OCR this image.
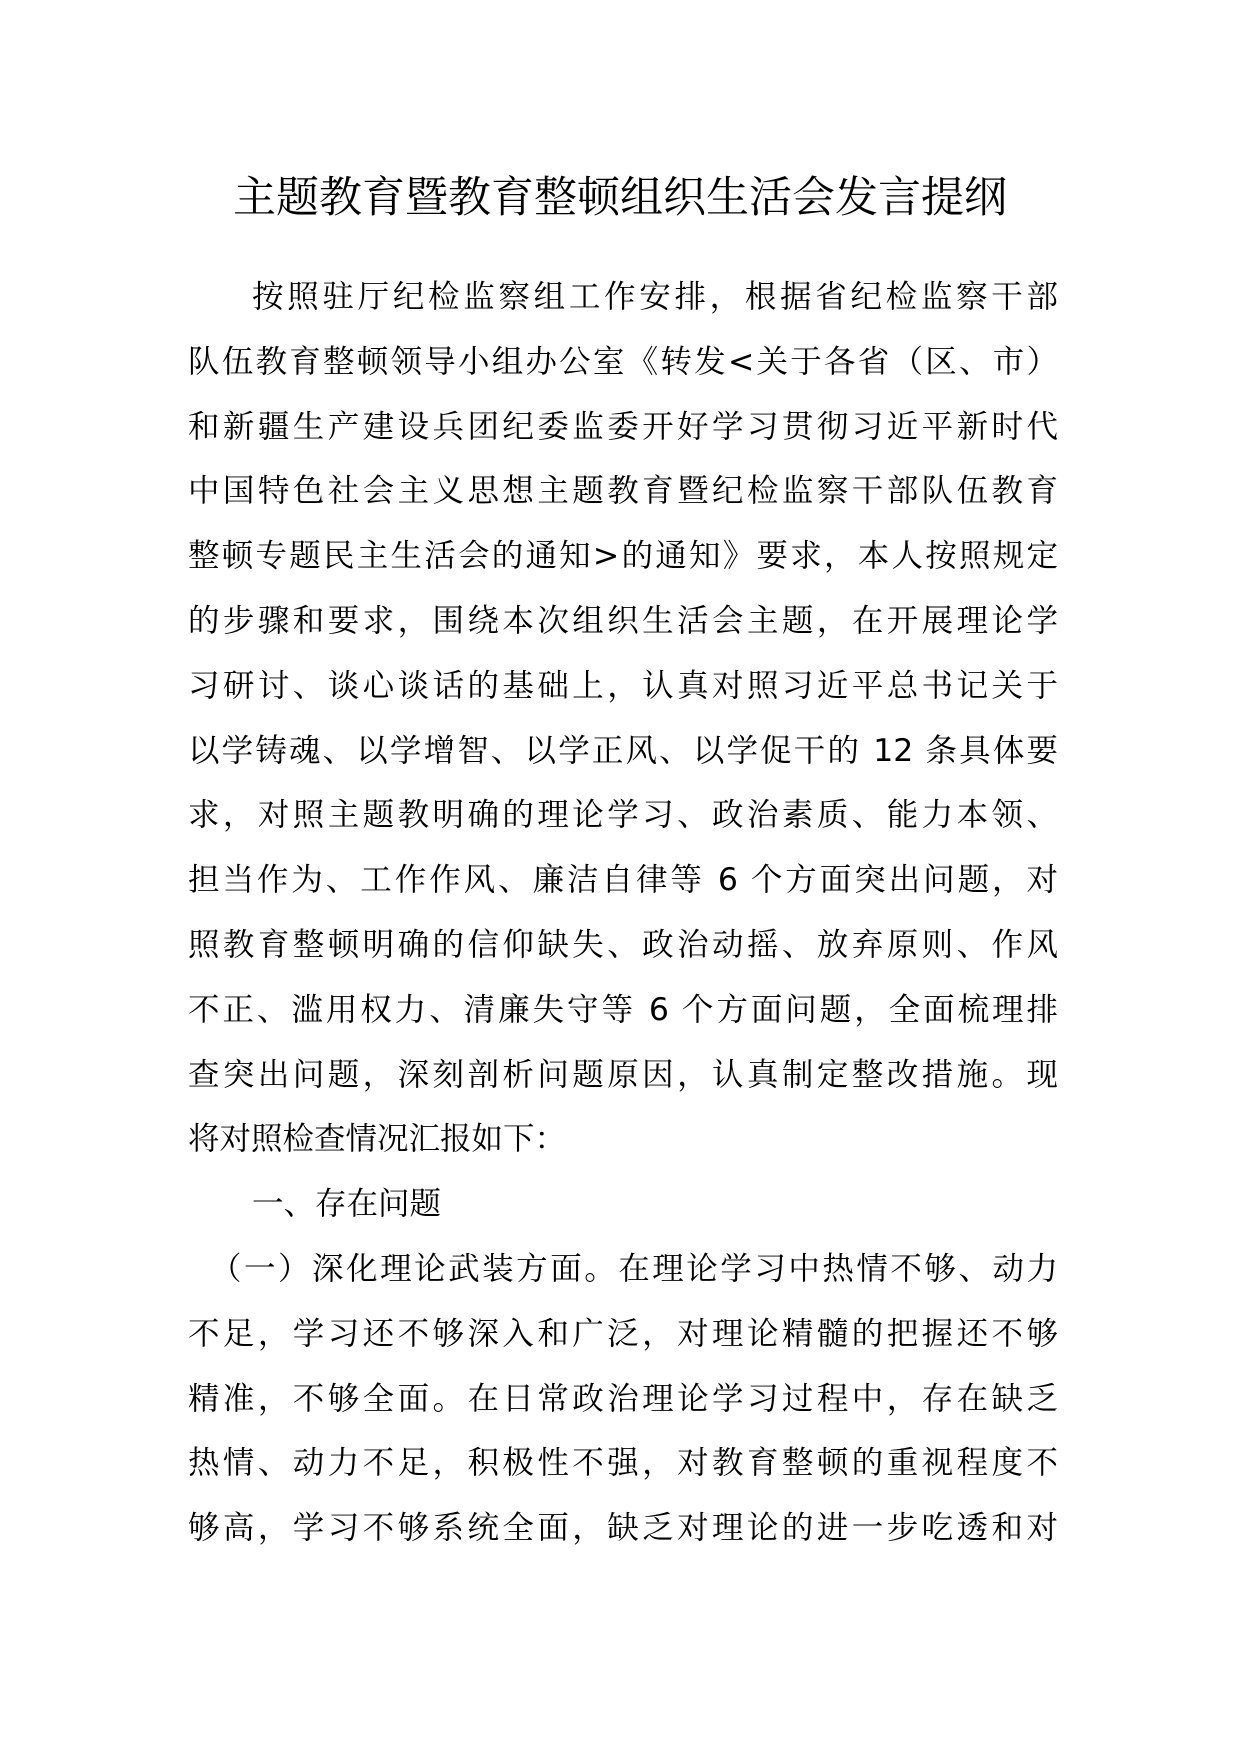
主题教育暨教育整顿组织生活会发言提纲
按照驻厅纪检监察组工作安排，根据省纪检监察干部
队伍教育整顿领导小组办公室《转发<关于各省（区、市）
和新疆生产建设兵团纪委监委开好学习贯彻习近平新时代
中国特色社会主义思想主题教育暨纪检监察干部队伍教育
整顿专题民主生活会的通知>的通知》要求，本人按照规定
的步骤和要求，围绕本次组织生活会主题，在开展理论学
习研讨、谈心谈话的基础上，认真对照习近平总书记关于
以学铸魂、以学增智、以学正风、以学促干的 12 条具体要
求，对照主题教明确的理论学习、政治素质、能力本领、
担当作为、工作作风、廉洁自律等 6 个方面突出问题，对
照教育整顿明确的信仰缺失、政治动摇、放弃原则、作风
不正、滥用权力、清廉失守等 6 个方面问题，全面梳理排
查突出问题，深刻剖析问题原因，认真制定整改措施。现
将对照检查情况汇报如下：
一、存在问题
（一）深化理论武装方面。在理论学习中热情不够、动力
不足，学习还不够深入和广泛，对理论精髓的把握还不够
精准，不够全面。在日常政治理论学习过程中，存在缺乏
热情、动力不足，积极性不强，对教育整顿的重视程度不
够高，学习不够系统全面，缺乏对理论的进一步吃透和对
